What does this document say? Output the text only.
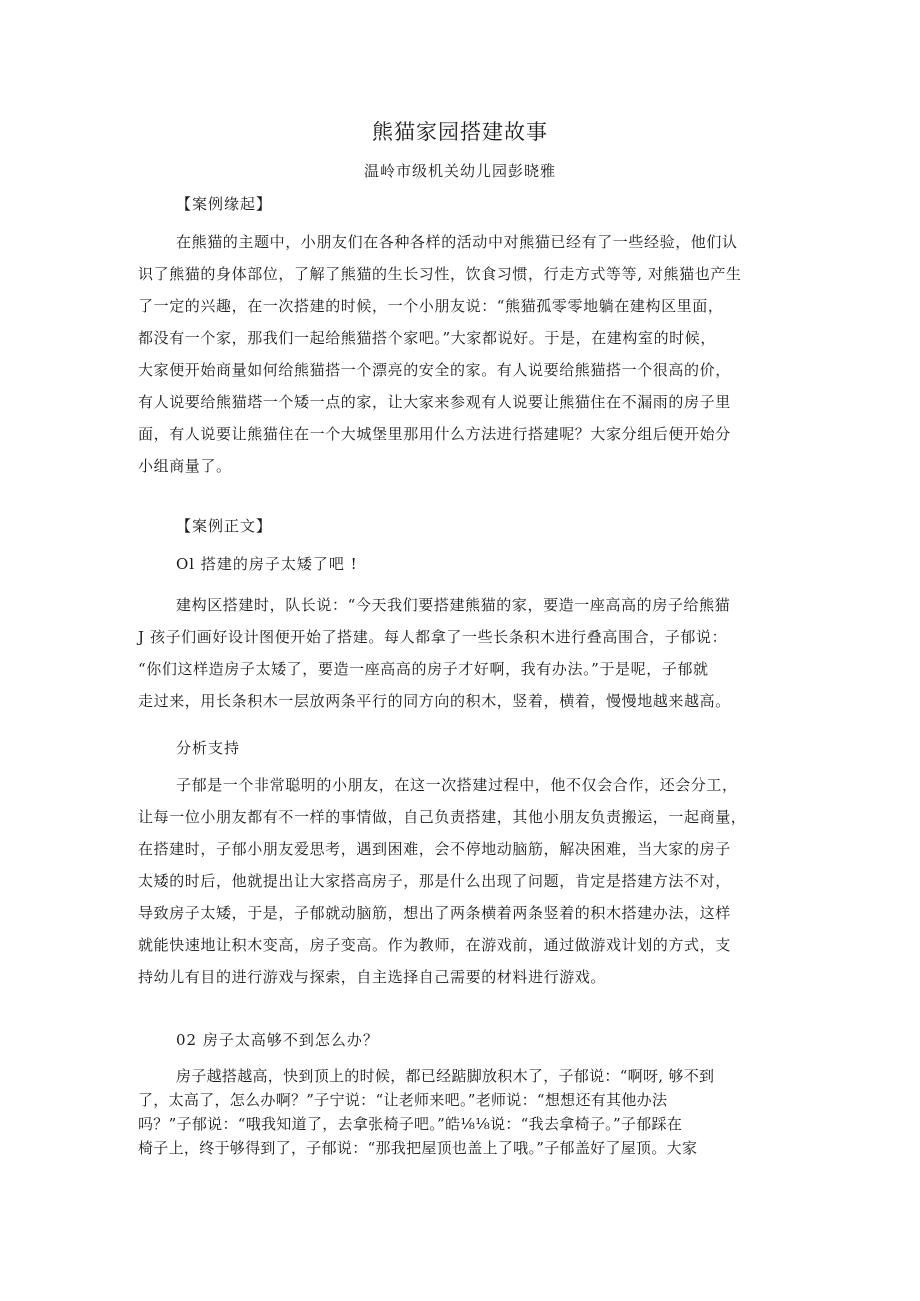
熊猫家园搭建故事
温岭市级机关幼儿园彭晓雅
【案例缘起】
在熊猫的主题中，小朋友们在各种各样的活动中对熊猫已经有了一些经验，他们认
识了熊猫的身体部位，了解了熊猫的生长习性，饮食习惯，行走方式等等, 对熊猫也产生
了一定的兴趣，在一次搭建的时候，一个小朋友说：“熊猫孤零零地躺在建构区里面，
都没有一个家，那我们一起给熊猫搭个家吧。”大家都说好。于是，在建构室的时候，
大家便开始商量如何给熊猫搭一个漂亮的安全的家。有人说要给熊猫搭一个很高的价，
有人说要给熊猫塔一个矮一点的家，让大家来参观有人说要让熊猫住在不漏雨的房子里
面，有人说要让熊猫住在一个大城堡里那用什么方法进行搭建呢？大家分组后便开始分
小组商量了。
【案例正文】
Ol 搭建的房子太矮了吧 !
建构区搭建时，队长说：“今天我们要搭建熊猫的家，要造一座高高的房子给熊猫
J 孩子们画好设计图便开始了搭建。每人都拿了一些长条积木进行叠高围合，子郁说：
“你们这样造房子太矮了，要造一座高高的房子才好啊，我有办法。”于是呢，子郁就
走过来，用长条积木一层放两条平行的同方向的积木，竖着，横着，慢慢地越来越高。
分析支持
子郁是一个非常聪明的小朋友，在这一次搭建过程中，他不仅会合作，还会分工，
让每一位小朋友都有不一样的事情做，自己负责搭建，其他小朋友负责搬运，一起商量，
在搭建时，子郁小朋友爱思考，遇到困难，会不停地动脑筋，解决困难，当大家的房子
太矮的时后，他就提出让大家搭高房子，那是什么出现了问题，肯定是搭建方法不对，
导致房子太矮，于是，子郁就动脑筋，想出了两条横着两条竖着的积木搭建办法，这样
就能快速地让积木变高，房子变高。作为教师，在游戏前，通过做游戏计划的方式，支
持幼儿有目的进行游戏与探索，自主选择自己需要的材料进行游戏。
02 房子太高够不到怎么办？
房子越搭越高，快到顶上的时候，都已经踮脚放积木了，子郁说：“啊呀, 够不到
了，太高了，怎么办啊？”子宁说：“让老师来吧。”老师说：“想想还有其他办法
吗？”子郁说：“哦我知道了，去拿张椅子吧。”皓⅛⅛说：“我去拿椅子。”子郁踩在
椅子上，终于够得到了，子郁说：“那我把屋顶也盖上了哦。”子郁盖好了屋顶。大家
